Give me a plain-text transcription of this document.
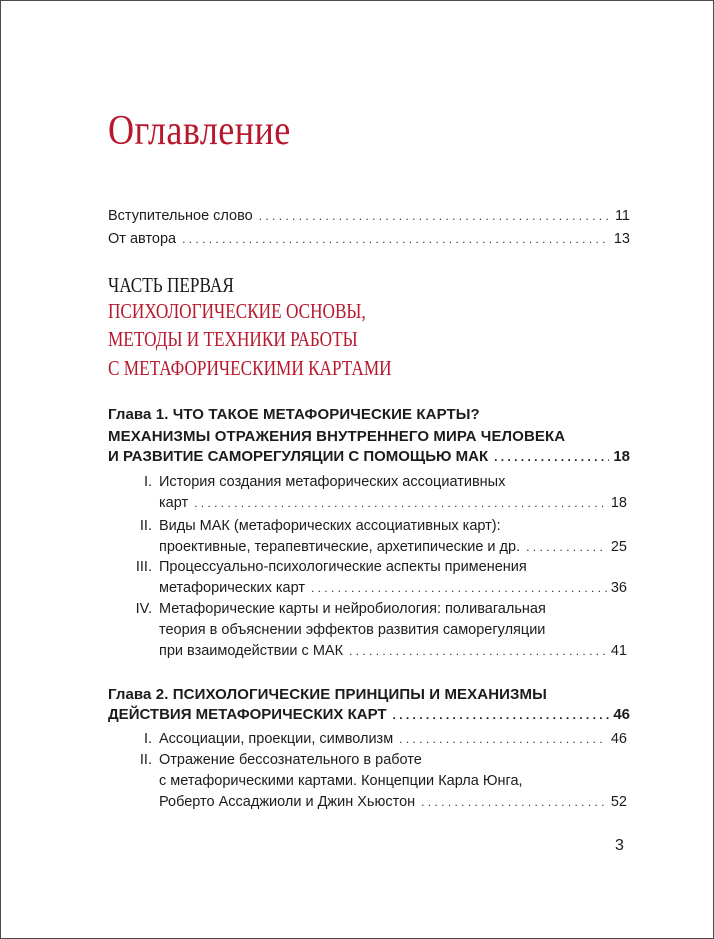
Оглавление
Вступительное слово . . .	11
От автора . . .	13
ЧАСТЬ ПЕРВАЯ
ПСИХОЛОГИЧЕСКИЕ ОСНОВЫ,
МЕТОДЫ И ТЕХНИКИ РАБОТЫ
С МЕТАФОРИЧЕСКИМИ КАРТАМИ
Глава 1. ЧТО ТАКОЕ МЕТАФОРИЧЕСКИЕ КАРТЫ?
МЕХАНИЗМЫ ОТРАЖЕНИЯ ВНУТРЕННЕГО МИРА ЧЕЛОВЕКА
И РАЗВИТИЕ САМОРЕГУЛЯЦИИ С ПОМОЩЬЮ МАК . . .	18
I. История создания метафорических ассоциативных
карт . . .	18
II. Виды МАК (метафорических ассоциативных карт):
проективные, терапевтические, архетипические и др. . . .	25
III. Процессуально-психологические аспекты применения
метафорических карт . . .	36
IV. Метафорические карты и нейробиология: поливагальная
теория в объяснении эффектов развития саморегуляции
при взаимодействии с МАК . . .	41
Глава 2. ПСИХОЛОГИЧЕСКИЕ ПРИНЦИПЫ И МЕХАНИЗМЫ
ДЕЙСТВИЯ МЕТАФОРИЧЕСКИХ КАРТ . . .	46
I. Ассоциации, проекции, символизм . . .	46
II. Отражение бессознательного в работе
с метафорическими картами. Концепции Карла Юнга,
Роберто Ассаджиоли и Джин Хьюстон . . .	52
3
